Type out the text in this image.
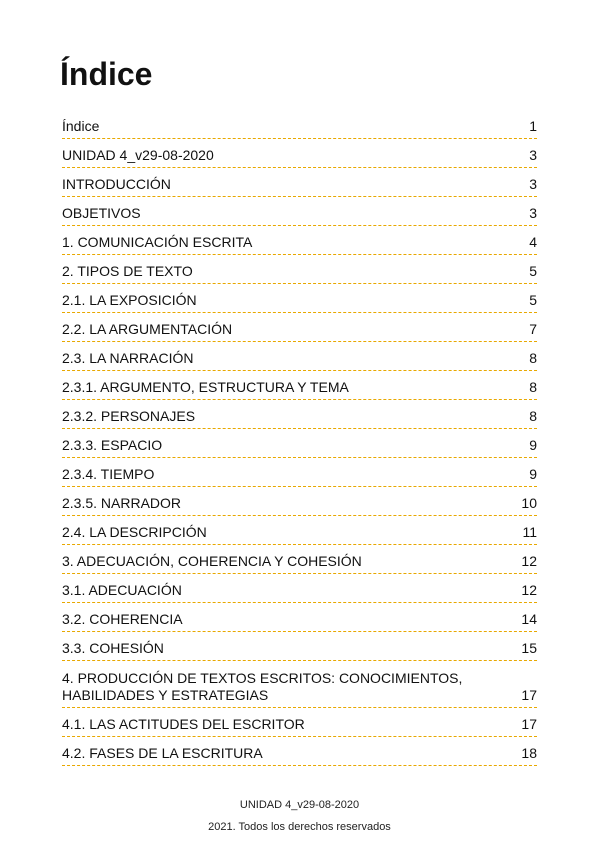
Índice
Índice	1
UNIDAD 4_v29-08-2020	3
INTRODUCCIÓN	3
OBJETIVOS	3
1. COMUNICACIÓN ESCRITA	4
2. TIPOS DE TEXTO	5
2.1. LA EXPOSICIÓN	5
2.2. LA ARGUMENTACIÓN	7
2.3. LA NARRACIÓN	8
2.3.1. ARGUMENTO, ESTRUCTURA Y TEMA	8
2.3.2. PERSONAJES	8
2.3.3. ESPACIO	9
2.3.4. TIEMPO	9
2.3.5. NARRADOR	10
2.4. LA DESCRIPCIÓN	11
3. ADECUACIÓN, COHERENCIA Y COHESIÓN	12
3.1. ADECUACIÓN	12
3.2. COHERENCIA	14
3.3. COHESIÓN	15
4. PRODUCCIÓN DE TEXTOS ESCRITOS: CONOCIMIENTOS, HABILIDADES Y ESTRATEGIAS	17
4.1. LAS ACTITUDES DEL ESCRITOR	17
4.2. FASES DE LA ESCRITURA	18
UNIDAD 4_v29-08-2020
2021. Todos los derechos reservados
